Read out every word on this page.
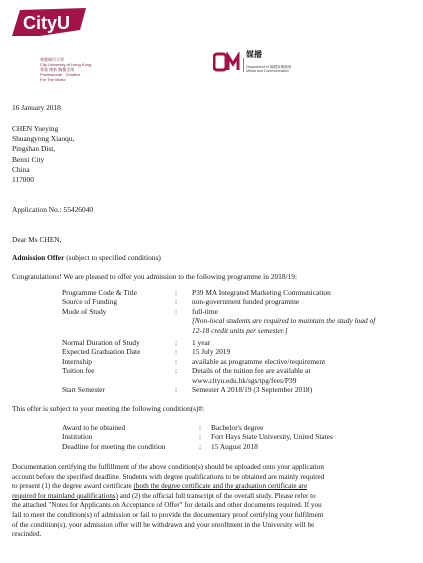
CityU
香港城市大學
City University of Hong Kong
專業 創新 胸懷全球
Professional · Creative
For The World
媒播
Department of 媒體與傳播系
Media and Communication
16 January 2018
CHEN Yueying
Shuangyong Xiaoqu,
Pingshan Dist,
Benxi City
China
117000
Application No.: 55426040
Dear Ms CHEN,
Admission Offer (subject to specified conditions)
Congratulations! We are pleased to offer you admission to the following programme in 2018/19:
Programme Code & Title
Source of Funding
Mode of Study
:
:
:
P39 MA Integrated Marketing Communication
non-government funded programme
full-time
[Non-local students are required to maintain the study load of
12-18 credit units per semester.]
Normal Duration of Study
Expected Graduation Date
Internship
Tuition fee

Start Semester
:
:
:
:

:
1 year
15 July 2019
available as programme elective/requirement
Details of the tuition fee are available at
www.cityu.edu.hk/sgs/tpg/fees/P39
Semester A 2018/19 (3 September 2018)
This offer is subject to your meeting the following condition(s)#:
Award to be obtained
Institution
Deadline for meeting the condition
:
:
:
Bachelor's degree
Fort Hays State University, United States
15 August 2018
Documentation certifying the fulfillment of the above condition(s) should be uploaded onto your application
account before the specified deadline. Students with degree qualifications to be obtained are mainly required
to present (1) the degree award certificate (both the degree certificate and the graduation certificate are
required for mainland qualifications) and (2) the official full transcript of the overall study. Please refer to
the attached "Notes for Applicants on Acceptance of Offer" for details and other documents required. If you
fail to meet the condition(s) of admission or fail to provide the documentary proof certifying your fulfilment
of the condition(s), your admission offer will be withdrawn and your enrollment in the University will be
rescinded.
